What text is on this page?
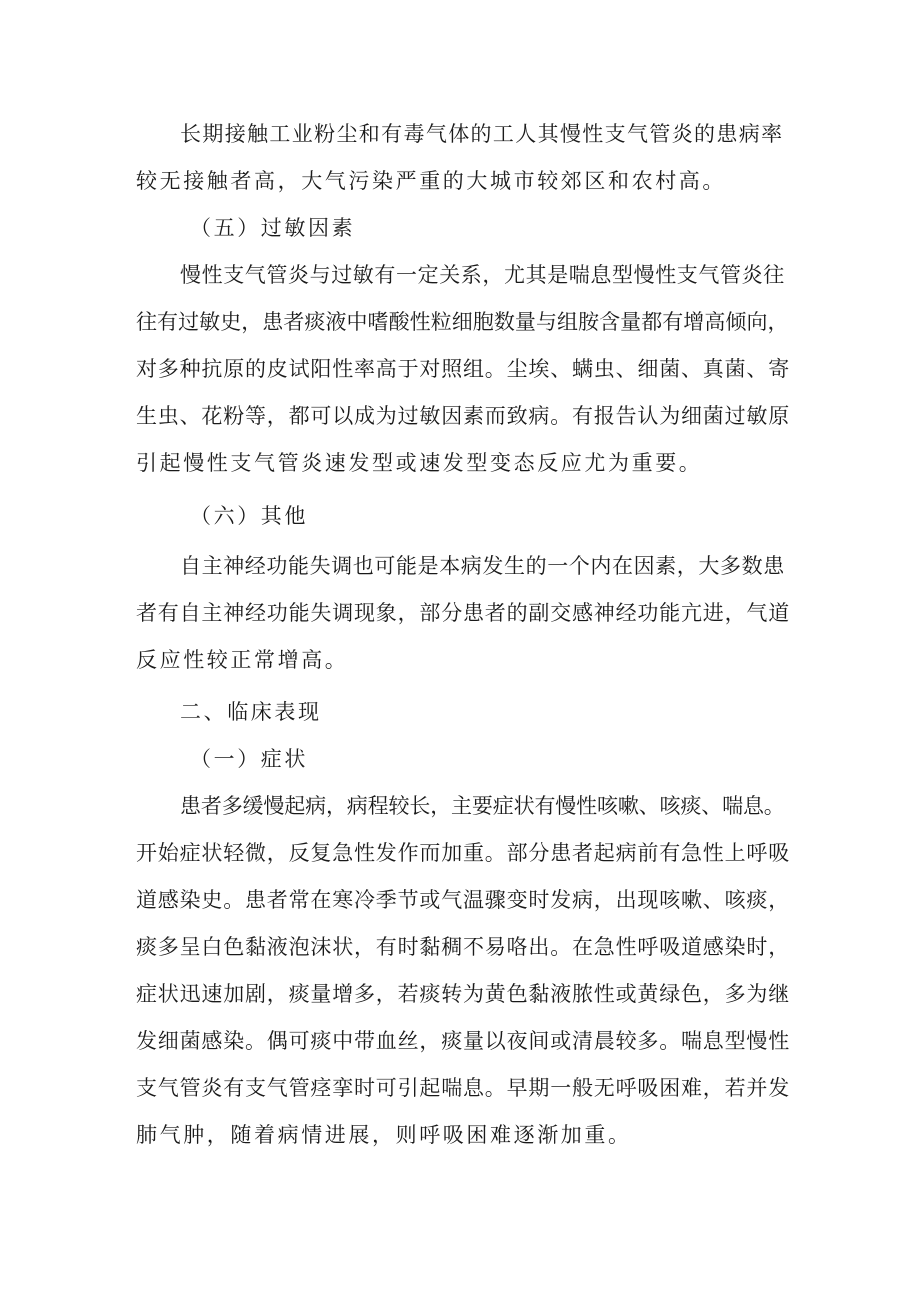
长期接触工业粉尘和有毒气体的工人其慢性支气管炎的患病率
较无接触者高，大气污染严重的大城市较郊区和农村高。
（五）过敏因素
慢性支气管炎与过敏有一定关系，尤其是喘息型慢性支气管炎往
往有过敏史，患者痰液中嗜酸性粒细胞数量与组胺含量都有增高倾向，
对多种抗原的皮试阳性率高于对照组。尘埃、螨虫、细菌、真菌、寄
生虫、花粉等，都可以成为过敏因素而致病。有报告认为细菌过敏原
引起慢性支气管炎速发型或速发型变态反应尤为重要。
（六）其他
自主神经功能失调也可能是本病发生的一个内在因素，大多数患
者有自主神经功能失调现象，部分患者的副交感神经功能亢进，气道
反应性较正常增高。
二、临床表现
（一）症状
患者多缓慢起病，病程较长，主要症状有慢性咳嗽、咳痰、喘息。
开始症状轻微，反复急性发作而加重。部分患者起病前有急性上呼吸
道感染史。患者常在寒冷季节或气温骤变时发病，出现咳嗽、咳痰，
痰多呈白色黏液泡沫状，有时黏稠不易咯出。在急性呼吸道感染时，
症状迅速加剧，痰量增多，若痰转为黄色黏液脓性或黄绿色，多为继
发细菌感染。偶可痰中带血丝，痰量以夜间或清晨较多。喘息型慢性
支气管炎有支气管痉挛时可引起喘息。早期一般无呼吸困难，若并发
肺气肿，随着病情进展，则呼吸困难逐渐加重。
